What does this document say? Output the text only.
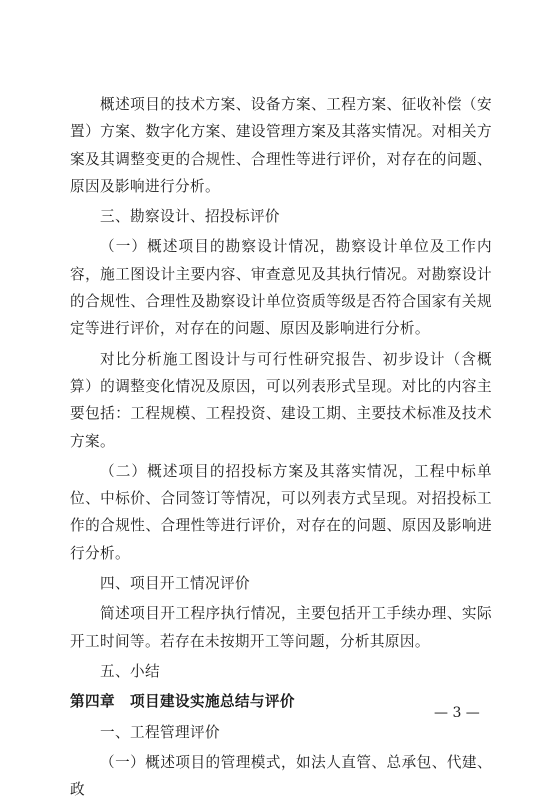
概述项目的技术方案、设备方案、工程方案、征收补偿（安置）方案、数字化方案、建设管理方案及其落实情况。对相关方案及其调整变更的合规性、合理性等进行评价，对存在的问题、原因及影响进行分析。

三、勘察设计、招投标评价

（一）概述项目的勘察设计情况，勘察设计单位及工作内容，施工图设计主要内容、审查意见及其执行情况。对勘察设计的合规性、合理性及勘察设计单位资质等级是否符合国家有关规定等进行评价，对存在的问题、原因及影响进行分析。

对比分析施工图设计与可行性研究报告、初步设计（含概算）的调整变化情况及原因，可以列表形式呈现。对比的内容主要包括：工程规模、工程投资、建设工期、主要技术标准及技术方案。

（二）概述项目的招投标方案及其落实情况，工程中标单位、中标价、合同签订等情况，可以列表方式呈现。对招投标工作的合规性、合理性等进行评价，对存在的问题、原因及影响进行分析。

四、项目开工情况评价

简述项目开工程序执行情况，主要包括开工手续办理、实际开工时间等。若存在未按期开工等问题，分析其原因。

五、小结

第四章　项目建设实施总结与评价

一、工程管理评价

（一）概述项目的管理模式，如法人直管、总承包、代建、政

— 3 —
